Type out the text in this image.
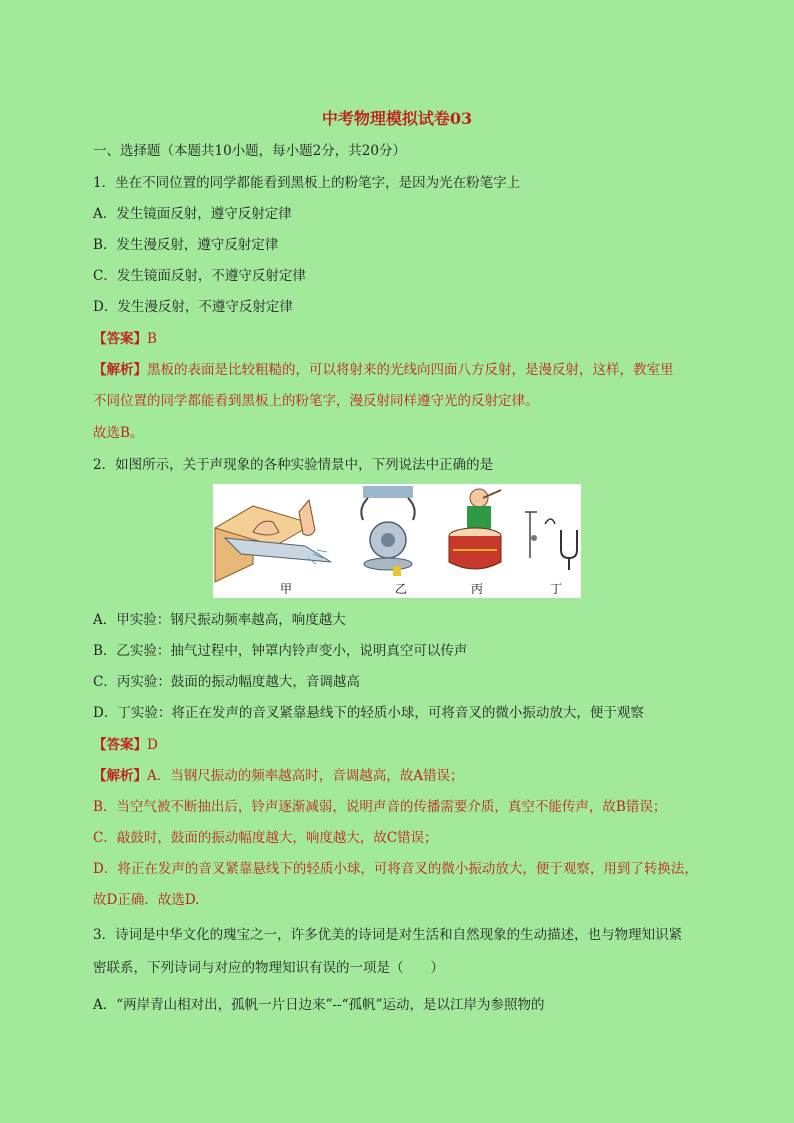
中考物理模拟试卷03
一、选择题（本题共10小题，每小题2分，共20分）
1．坐在不同位置的同学都能看到黑板上的粉笔字，是因为光在粉笔字上
A．发生镜面反射，遵守反射定律
B．发生漫反射，遵守反射定律
C．发生镜面反射，不遵守反射定律
D．发生漫反射，不遵守反射定律
【答案】B
【解析】黑板的表面是比较粗糙的，可以将射来的光线向四面八方反射，是漫反射，这样，教室里
不同位置的同学都能看到黑板上的粉笔字，漫反射同样遵守光的反射定律。
故选B。
2．如图所示，关于声现象的各种实验情景中，下列说法中正确的是
甲	乙	丙	丁
A．甲实验：钢尺振动频率越高，响度越大
B．乙实验：抽气过程中，钟罩内铃声变小，说明真空可以传声
C．丙实验：鼓面的振动幅度越大，音调越高
D．丁实验：将正在发声的音叉紧靠悬线下的轻质小球，可将音叉的微小振动放大，便于观察
【答案】D
【解析】A．当钢尺振动的频率越高时，音调越高，故A错误；
B．当空气被不断抽出后，铃声逐渐减弱，说明声音的传播需要介质，真空不能传声，故B错误；
C．敲鼓时，鼓面的振动幅度越大，响度越大，故C错误；
D．将正在发声的音叉紧靠悬线下的轻质小球，可将音叉的微小振动放大，便于观察，用到了转换法，
故D正确．故选D.
3．诗词是中华文化的瑰宝之一，许多优美的诗词是对生活和自然现象的生动描述，也与物理知识紧
密联系，下列诗词与对应的物理知识有误的一项是（　　）
A．“两岸青山相对出，孤帆一片日边来”--“孤帆”运动，是以江岸为参照物的
